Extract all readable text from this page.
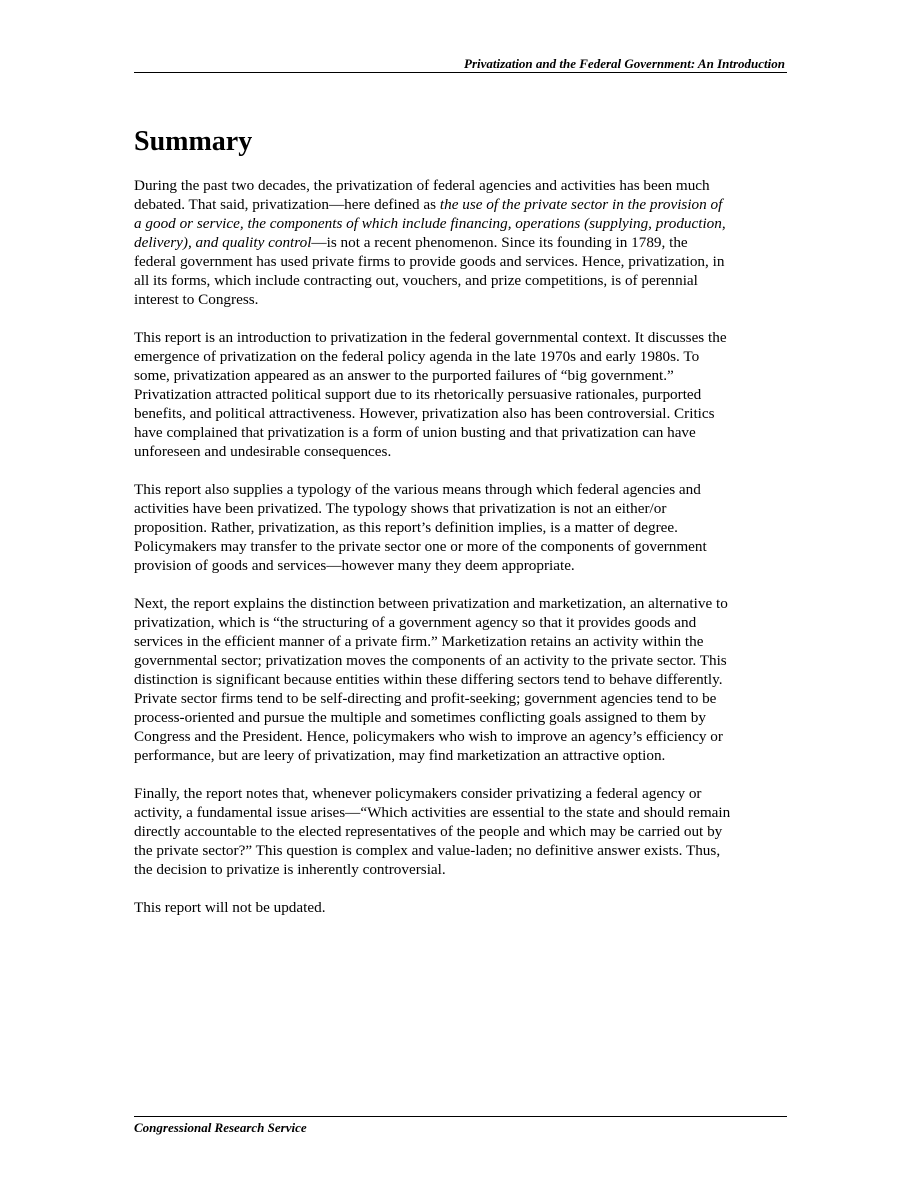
Privatization and the Federal Government: An Introduction
Summary

During the past two decades, the privatization of federal agencies and activities has been much
debated. That said, privatization—here defined as the use of the private sector in the provision of
a good or service, the components of which include financing, operations (supplying, production,
delivery), and quality control—is not a recent phenomenon. Since its founding in 1789, the
federal government has used private firms to provide goods and services. Hence, privatization, in
all its forms, which include contracting out, vouchers, and prize competitions, is of perennial
interest to Congress.

This report is an introduction to privatization in the federal governmental context. It discusses the
emergence of privatization on the federal policy agenda in the late 1970s and early 1980s. To
some, privatization appeared as an answer to the purported failures of “big government.”
Privatization attracted political support due to its rhetorically persuasive rationales, purported
benefits, and political attractiveness. However, privatization also has been controversial. Critics
have complained that privatization is a form of union busting and that privatization can have
unforeseen and undesirable consequences.

This report also supplies a typology of the various means through which federal agencies and
activities have been privatized. The typology shows that privatization is not an either/or
proposition. Rather, privatization, as this report’s definition implies, is a matter of degree.
Policymakers may transfer to the private sector one or more of the components of government
provision of goods and services—however many they deem appropriate.

Next, the report explains the distinction between privatization and marketization, an alternative to
privatization, which is “the structuring of a government agency so that it provides goods and
services in the efficient manner of a private firm.” Marketization retains an activity within the
governmental sector; privatization moves the components of an activity to the private sector. This
distinction is significant because entities within these differing sectors tend to behave differently.
Private sector firms tend to be self-directing and profit-seeking; government agencies tend to be
process-oriented and pursue the multiple and sometimes conflicting goals assigned to them by
Congress and the President. Hence, policymakers who wish to improve an agency’s efficiency or
performance, but are leery of privatization, may find marketization an attractive option.

Finally, the report notes that, whenever policymakers consider privatizing a federal agency or
activity, a fundamental issue arises—“Which activities are essential to the state and should remain
directly accountable to the elected representatives of the people and which may be carried out by
the private sector?” This question is complex and value-laden; no definitive answer exists. Thus,
the decision to privatize is inherently controversial.

This report will not be updated.

Congressional Research Service
